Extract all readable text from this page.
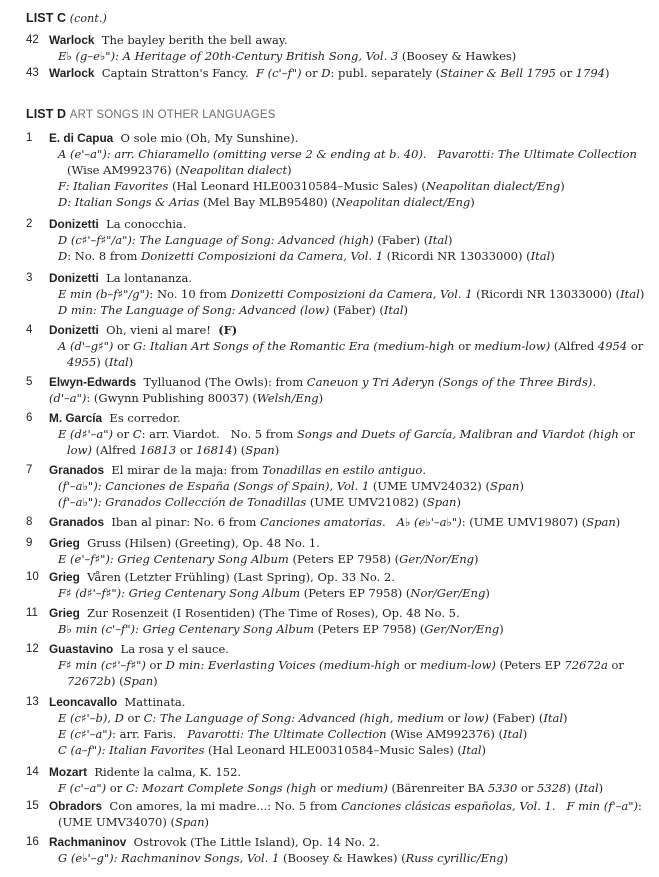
LIST C (cont.)
42 Warlock  The bayley berith the bell away.
E♭ (g–e♭"): A Heritage of 20th-Century British Song, Vol. 3 (Boosey & Hawkes)
43 Warlock  Captain Stratton's Fancy.  F (c'–f") or D: publ. separately (Stainer & Bell 1795 or 1794)
LIST D ART SONGS IN OTHER LANGUAGES
1	E. di Capua  O sole mio (Oh, My Sunshine).
A (e'–a"): arr. Chiaramello (omitting verse 2 & ending at b. 40).   Pavarotti: The Ultimate Collection
(Wise AM992376) (Neapolitan dialect)
F: Italian Favorites (Hal Leonard HLE00310584–Music Sales) (Neapolitan dialect/Eng)
D: Italian Songs & Arias (Mel Bay MLB95480) (Neapolitan dialect/Eng)
2	Donizetti  La conocchia.
D (c♯'–f♯"/a"): The Language of Song: Advanced (high) (Faber) (Ital)
D: No. 8 from Donizetti Composizioni da Camera, Vol. 1 (Ricordi NR 13033000) (Ital)
3	Donizetti  La lontananza.
E min (b–f♯"/g"): No. 10 from Donizetti Composizioni da Camera, Vol. 1 (Ricordi NR 13033000) (Ital)
D min: The Language of Song: Advanced (low) (Faber) (Ital)
4	Donizetti  Oh, vieni al mare!  (F)
A (d'–g♯") or G: Italian Art Songs of the Romantic Era (medium-high or medium-low) (Alfred 4954 or
4955) (Ital)
5	Elwyn-Edwards  Tylluanod (The Owls): from Caneuon y Tri Aderyn (Songs of the Three Birds).
(d'–a"): (Gwynn Publishing 80037) (Welsh/Eng)
6	M. García  Es corredor.
E (d♯'–a") or C: arr. Viardot.   No. 5 from Songs and Duets of García, Malibran and Viardot (high or
low) (Alfred 16813 or 16814) (Span)
7	Granados  El mirar de la maja: from Tonadillas en estilo antiguo.
(f'–a♭"): Canciones de España (Songs of Spain), Vol. 1 (UME UMV24032) (Span)
(f'–a♭"): Granados Collección de Tonadillas (UME UMV21082) (Span)
8	Granados  Iban al pinar: No. 6 from Canciones amatorias.   A♭ (e♭'–a♭"): (UME UMV19807) (Span)
9	Grieg  Gruss (Hilsen) (Greeting), Op. 48 No. 1.
E (e'–f♯"): Grieg Centenary Song Album (Peters EP 7958) (Ger/Nor/Eng)
10 Grieg  Våren (Letzter Frühling) (Last Spring), Op. 33 No. 2.
F♯ (d♯'–f♯"): Grieg Centenary Song Album (Peters EP 7958) (Nor/Ger/Eng)
11 Grieg  Zur Rosenzeit (I Rosentiden) (The Time of Roses), Op. 48 No. 5.
B♭ min (c'–f"): Grieg Centenary Song Album (Peters EP 7958) (Ger/Nor/Eng)
12 Guastavino  La rosa y el sauce.
F♯ min (c♯'–f♯") or D min: Everlasting Voices (medium-high or medium-low) (Peters EP 72672a or
72672b) (Span)
13 Leoncavallo  Mattinata.
E (c♯'–b), D or C: The Language of Song: Advanced (high, medium or low) (Faber) (Ital)
E (c♯'–a"): arr. Faris.   Pavarotti: The Ultimate Collection (Wise AM992376) (Ital)
C (a–f"): Italian Favorites (Hal Leonard HLE00310584–Music Sales) (Ital)
14 Mozart  Ridente la calma, K. 152.
F (c'–a") or C: Mozart Complete Songs (high or medium) (Bärenreiter BA 5330 or 5328) (Ital)
15 Obradors  Con amores, la mi madre...: No. 5 from Canciones clásicas españolas, Vol. 1.   F min (f'–a"):
(UME UMV34070) (Span)
16 Rachmaninov  Ostrovok (The Little Island), Op. 14 No. 2.
G (e♭'–g"): Rachmaninov Songs, Vol. 1 (Boosey & Hawkes) (Russ cyrillic/Eng)
